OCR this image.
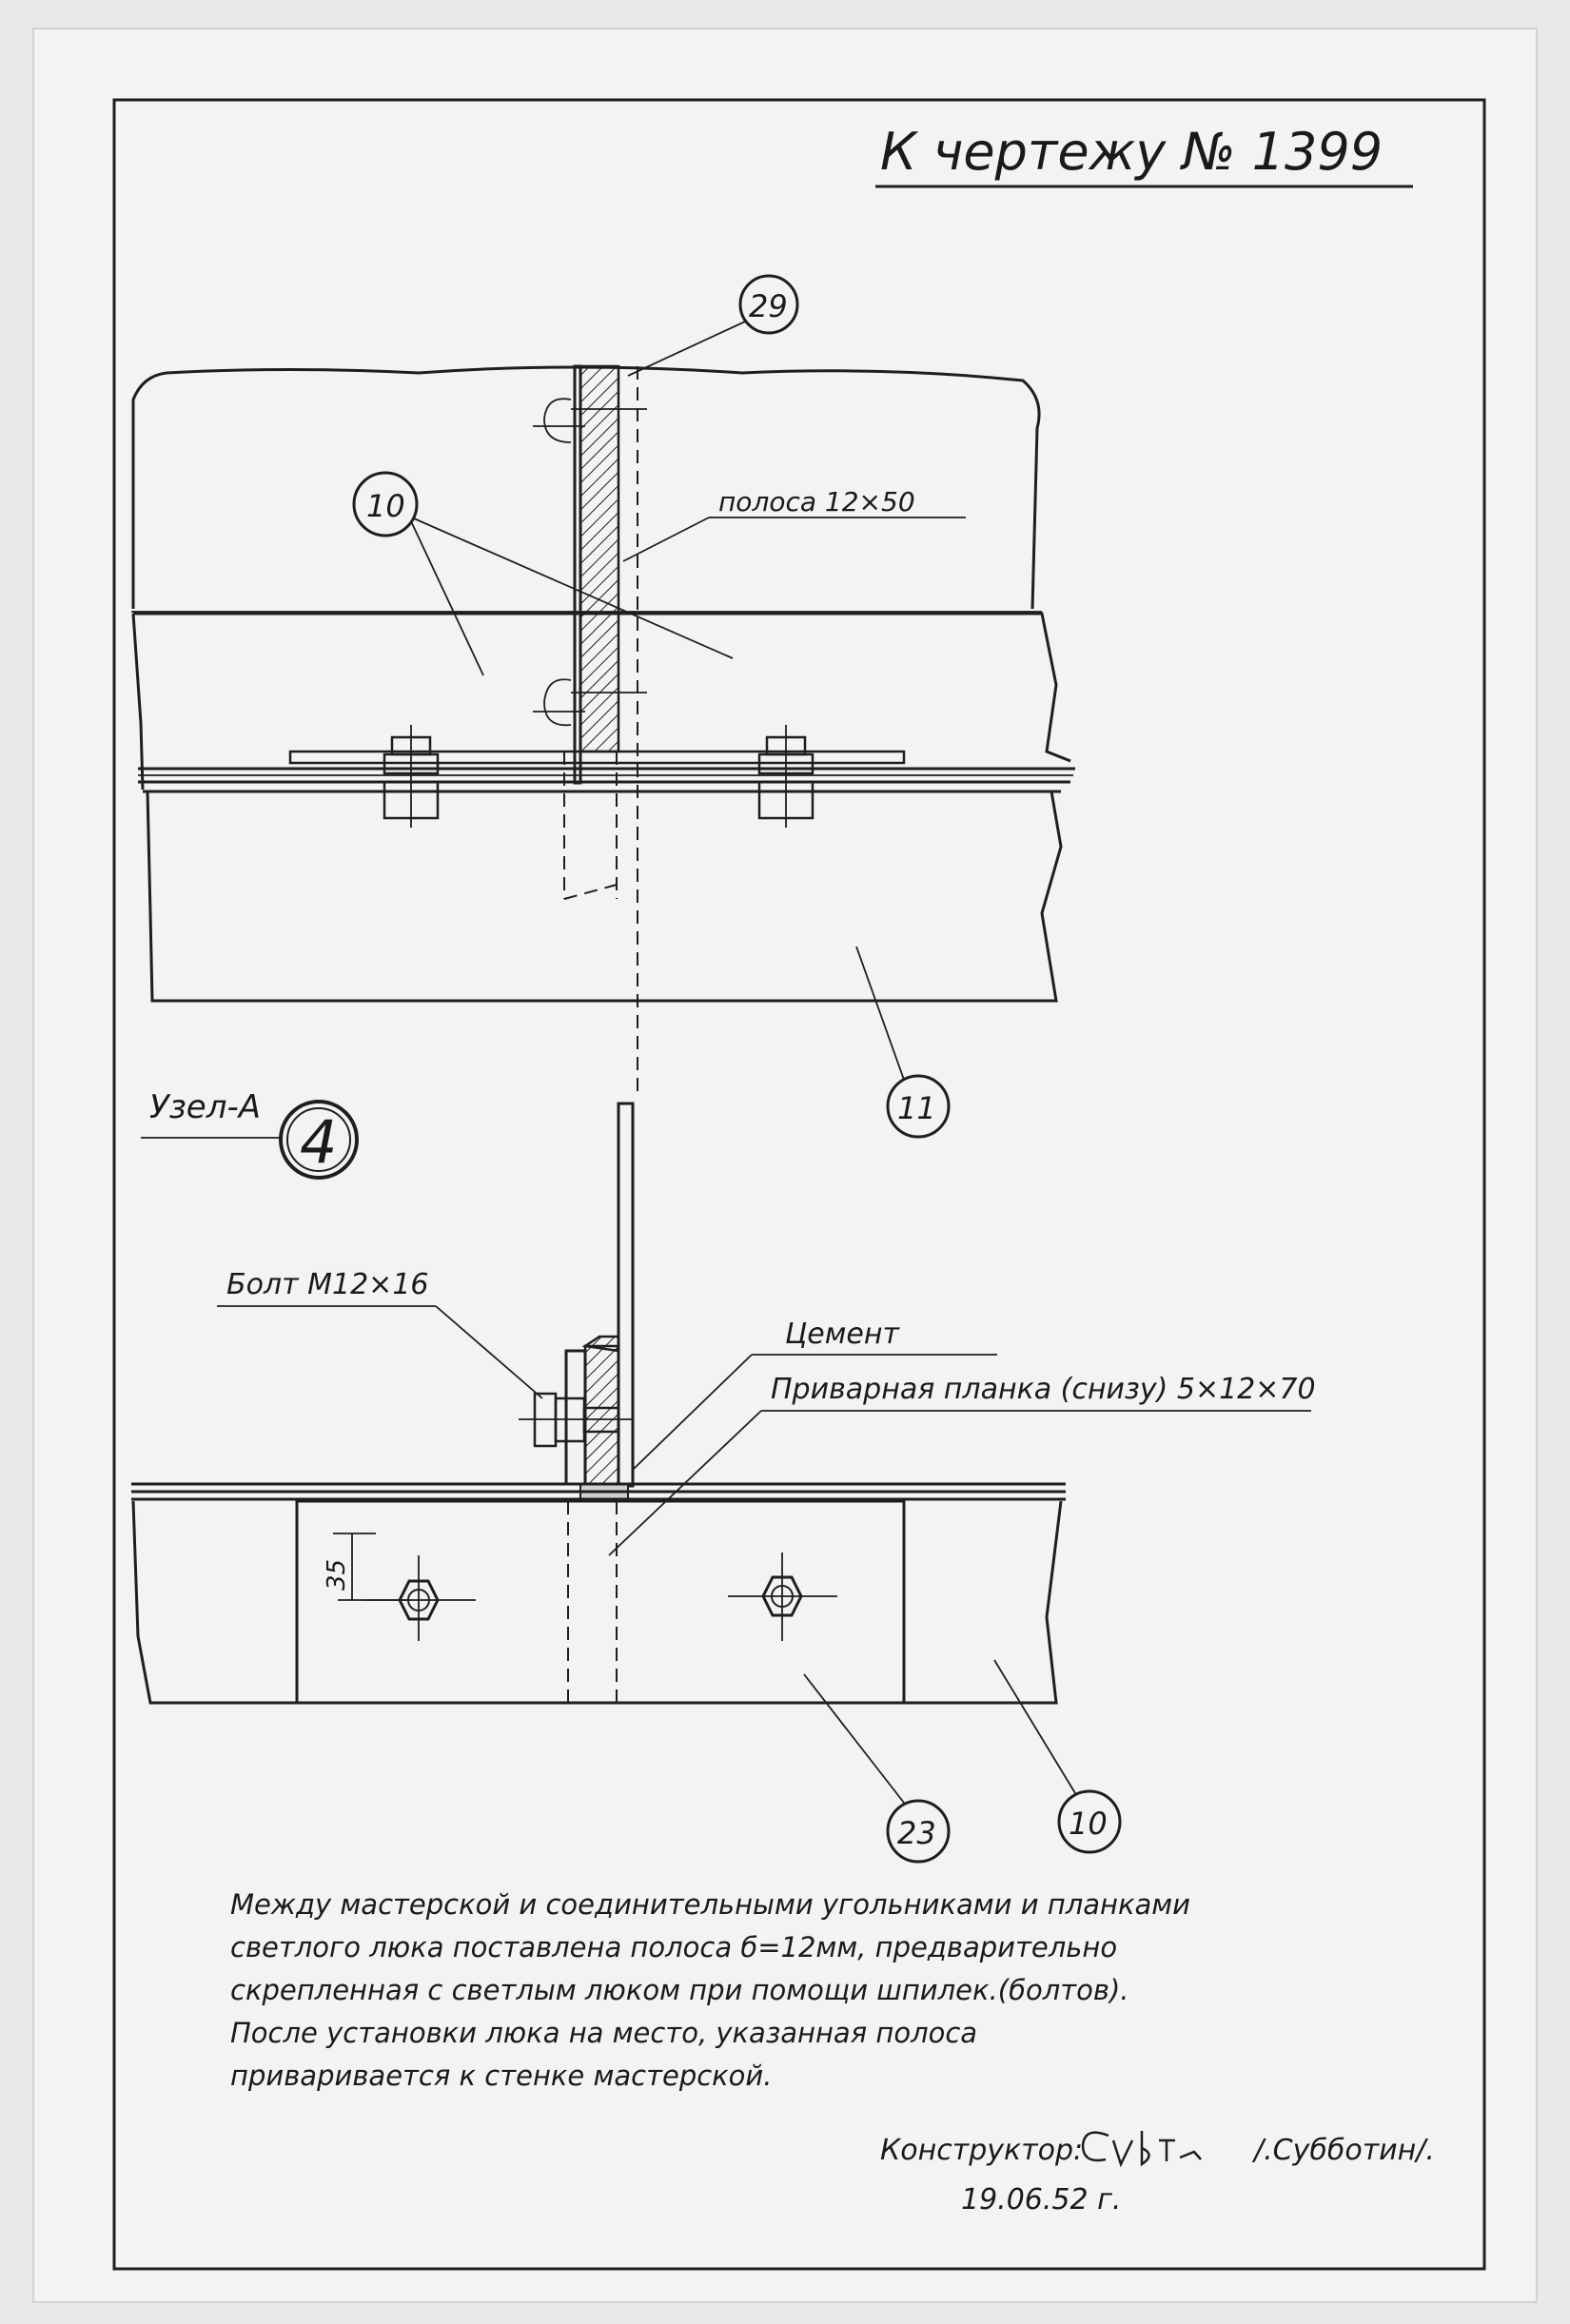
К чертежу № 1399
29
10
11
полоса 12×50
Узел-А 4
35
Болт М12×16
Цемент
Приварная планка (снизу) 5×12×70
23	10
Между мастерской и соединительными угольниками и планками
светлого люка поставлена полоса б=12мм, предварительно
скрепленная с светлым люком при помощи шпилек.(болтов).
После установки люка на место, указанная полоса
приваривается к стенке мастерской.
Конструктор:	/.Субботин/.
19.06.52 г.
